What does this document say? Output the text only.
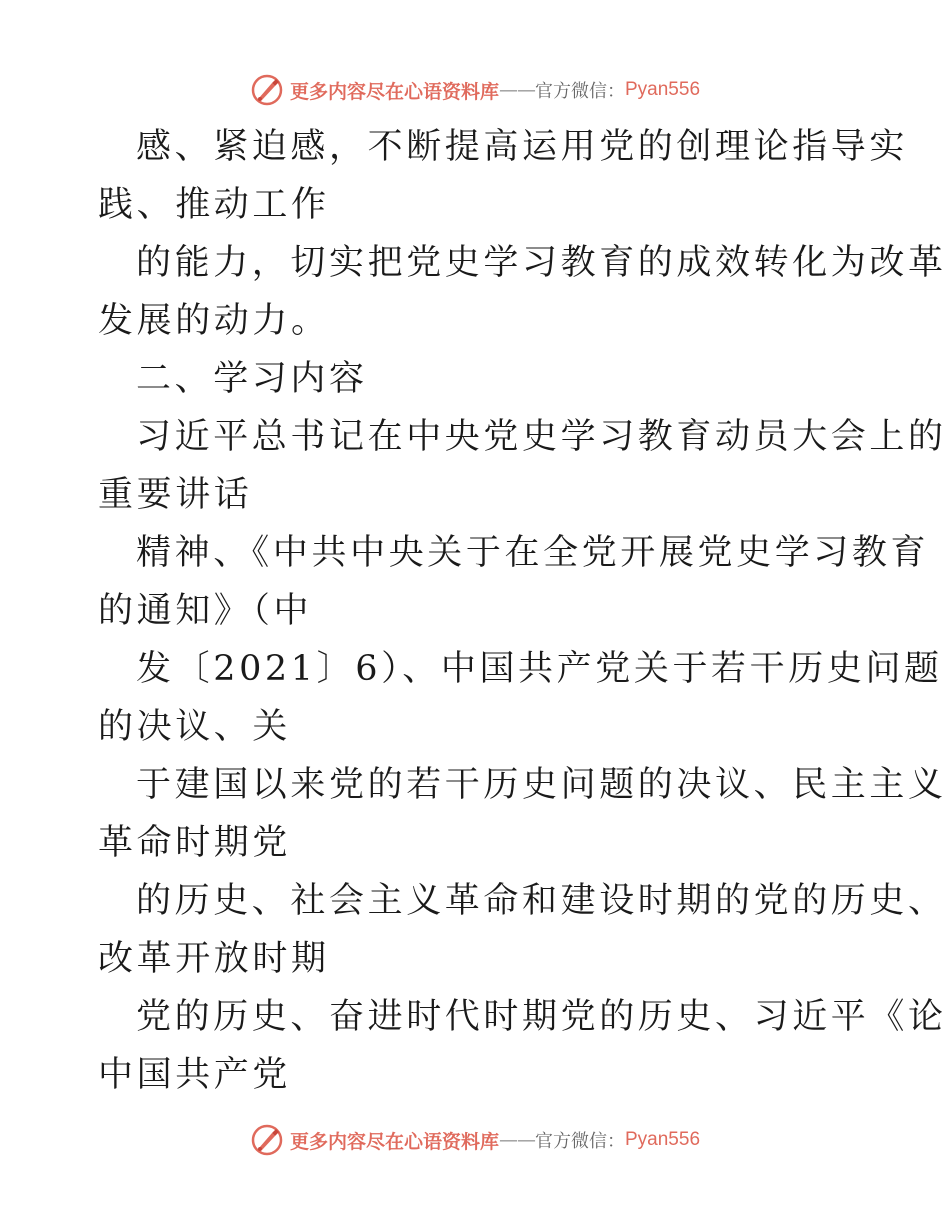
更多内容尽在心语资料库 —— 官方微信： Pyan556
感、紧迫感，不断提高运用党的创理论指导实
践、推动工作
的能力，切实把党史学习教育的成效转化为改革
发展的动力。
二、学习内容
习近平总书记在中央党史学习教育动员大会上的
重要讲话
精神、《中共中央关于在全党开展党史学习教育
的通知》（中
发〔2021〕6）、中国共产党关于若干历史问题
的决议、关
于建国以来党的若干历史问题的决议、民主主义
革命时期党
的历史、社会主义革命和建设时期的党的历史、
改革开放时期
党的历史、奋进时代时期党的历史、习近平《论
中国共产党
更多内容尽在心语资料库 —— 官方微信： Pyan556
